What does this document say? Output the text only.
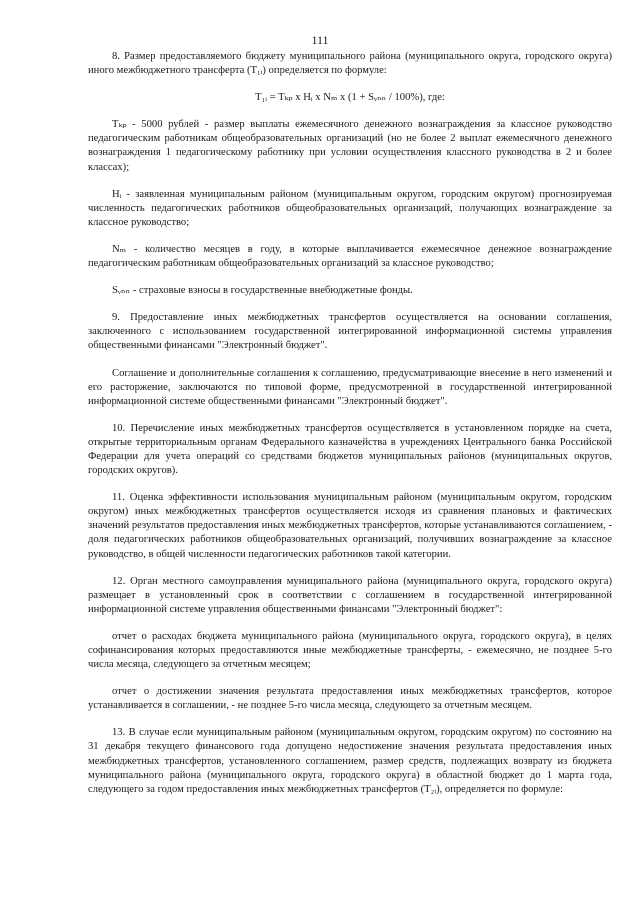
111

8. Размер предоставляемого бюджету муниципального района (муниципального округа, городского округа) иного межбюджетного трансферта (T₁ᵢ) определяется по формуле:

T₁ᵢ = Tₖₚ x Hᵢ x Nₘ x (1 + Sᵥₙₙ / 100%), где:

Tₖₚ - 5000 рублей - размер выплаты ежемесячного денежного вознаграждения за классное руководство педагогическим работникам общеобразовательных организаций (но не более 2 выплат ежемесячного денежного вознаграждения 1 педагогическому работнику при условии осуществления классного руководства в 2 и более классах);

Hᵢ - заявленная муниципальным районом (муниципальным округом, городским округом) прогнозируемая численность педагогических работников общеобразовательных организаций, получающих вознаграждение за классное руководство;

Nₘ - количество месяцев в году, в которые выплачивается ежемесячное денежное вознаграждение педагогическим работникам общеобразовательных организаций за классное руководство;

Sᵥₙₙ - страховые взносы в государственные внебюджетные фонды.

9. Предоставление иных межбюджетных трансфертов осуществляется на основании соглашения, заключенного с использованием государственной интегрированной информационной системы управления общественными финансами "Электронный бюджет".

Соглашение и дополнительные соглашения к соглашению, предусматривающие внесение в него изменений и его расторжение, заключаются по типовой форме, предусмотренной в государственной интегрированной информационной системе общественными финансами "Электронный бюджет".

10. Перечисление иных межбюджетных трансфертов осуществляется в установленном порядке на счета, открытые территориальным органам Федерального казначейства в учреждениях Центрального банка Российской Федерации для учета операций со средствами бюджетов муниципальных районов (муниципальных округов, городских округов).

11. Оценка эффективности использования муниципальным районом (муниципальным округом, городским округом) иных межбюджетных трансфертов осуществляется исходя из сравнения плановых и фактических значений результатов предоставления иных межбюджетных трансфертов, которые устанавливаются соглашением, - доля педагогических работников общеобразовательных организаций, получивших вознаграждение за классное руководство, в общей численности педагогических работников такой категории.

12. Орган местного самоуправления муниципального района (муниципального округа, городского округа) размещает в установленный срок в соответствии с соглашением в государственной интегрированной информационной системе управления общественными финансами "Электронный бюджет":

отчет о расходах бюджета муниципального района (муниципального округа, городского округа), в целях софинансирования которых предоставляются иные межбюджетные трансферты, - ежемесячно, не позднее 5-го числа месяца, следующего за отчетным месяцем;

отчет о достижении значения результата предоставления иных межбюджетных трансфертов, которое устанавливается в соглашении, - не позднее 5-го числа месяца, следующего за отчетным месяцем.

13. В случае если муниципальным районом (муниципальным округом, городским округом) по состоянию на 31 декабря текущего финансового года допущено недостижение значения результата предоставления иных межбюджетных трансфертов, установленного соглашением, размер средств, подлежащих возврату из бюджета муниципального района (муниципального округа, городского округа) в областной бюджет до 1 марта года, следующего за годом предоставления иных межбюджетных трансфертов (T₂ᵢ), определяется по формуле:
